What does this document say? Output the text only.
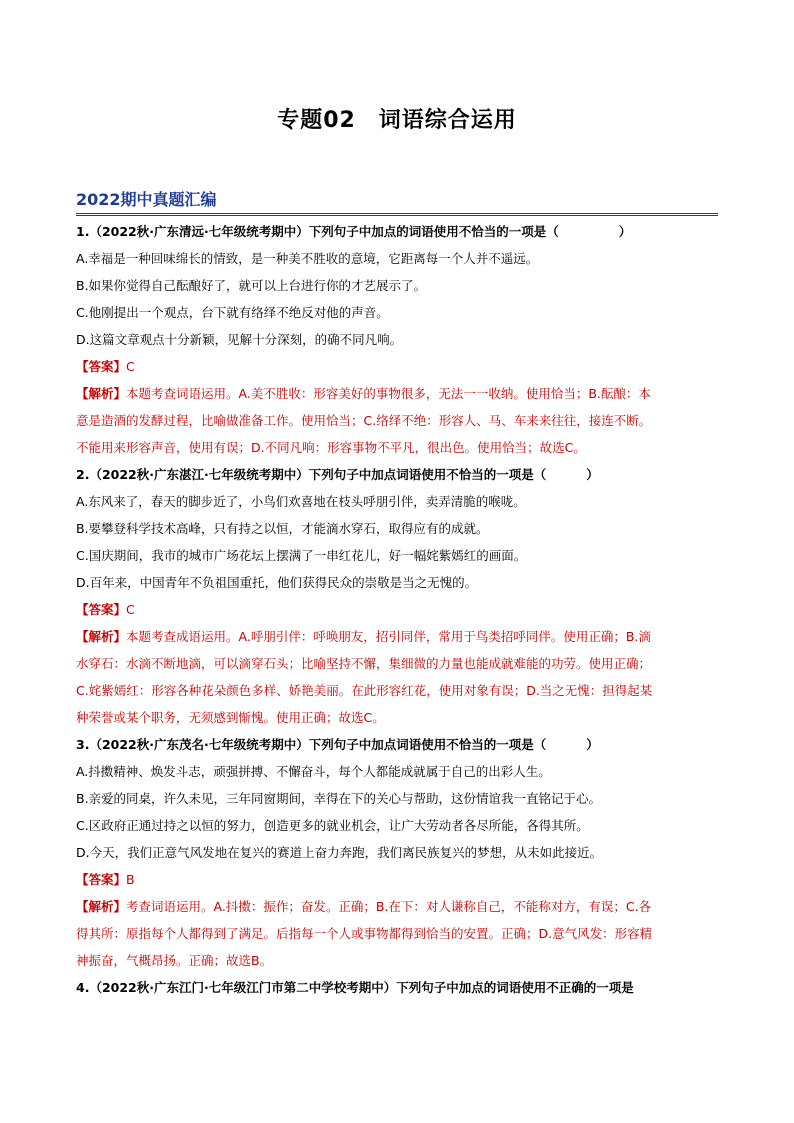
专题02　词语综合运用
2022期中真题汇编
1.（2022秋·广东清远·七年级统考期中）下列句子中加点的词语使用不恰当的一项是（	）
A.幸福是一种回味绵长的情致，是一种美不胜收的意境，它距离每一个人并不遥远。
B.如果你觉得自己酝酿好了，就可以上台进行你的才艺展示了。
C.他刚提出一个观点，台下就有络绎不绝反对他的声音。
D.这篇文章观点十分新颖，见解十分深刻，的确不同凡响。
【答案】C
【解析】本题考查词语运用。A.美不胜收：形容美好的事物很多，无法一一收纳。使用恰当；B.酝酿：本
意是造酒的发酵过程，比喻做准备工作。使用恰当；C.络绎不绝：形容人、马、车来来往往，接连不断。
不能用来形容声音，使用有误；D.不同凡响：形容事物不平凡，很出色。使用恰当；故选C。
2.（2022秋·广东湛江·七年级统考期中）下列句子中加点词语使用不恰当的一项是（	）
A.东风来了，春天的脚步近了，小鸟们欢喜地在枝头呼朋引伴，卖弄清脆的喉咙。
B.要攀登科学技术高峰，只有持之以恒，才能滴水穿石，取得应有的成就。
C.国庆期间，我市的城市广场花坛上摆满了一串红花儿，好一幅姹紫嫣红的画面。
D.百年来，中国青年不负祖国重托，他们获得民众的崇敬是当之无愧的。
【答案】C
【解析】本题考查成语运用。A.呼朋引伴：呼唤朋友，招引同伴，常用于鸟类招呼同伴。使用正确；B.滴
水穿石：水滴不断地滴，可以滴穿石头；比喻坚持不懈，集细微的力量也能成就难能的功劳。使用正确；
C.姹紫嫣红：形容各种花朵颜色多样、娇艳美丽。在此形容红花，使用对象有误；D.当之无愧：担得起某
种荣誉或某个职务，无须感到惭愧。使用正确；故选C。
3.（2022秋·广东茂名·七年级统考期中）下列句子中加点词语使用不恰当的一项是（	）
A.抖擞精神、焕发斗志，顽强拼搏、不懈奋斗，每个人都能成就属于自己的出彩人生。
B.亲爱的同桌，许久未见，三年同窗期间，幸得在下的关心与帮助，这份情谊我一直铭记于心。
C.区政府正通过持之以恒的努力，创造更多的就业机会，让广大劳动者各尽所能，各得其所。
D.今天，我们正意气风发地在复兴的赛道上奋力奔跑，我们离民族复兴的梦想，从未如此接近。
【答案】B
【解析】考查词语运用。A.抖擞：振作；奋发。正确；B.在下：对人谦称自己，不能称对方，有误；C.各
得其所：原指每个人都得到了满足。后指每一个人或事物都得到恰当的安置。正确；D.意气风发：形容精
神振奋，气概昂扬。正确；故选B。
4.（2022秋·广东江门·七年级江门市第二中学校考期中）下列句子中加点的词语使用不正确的一项是
